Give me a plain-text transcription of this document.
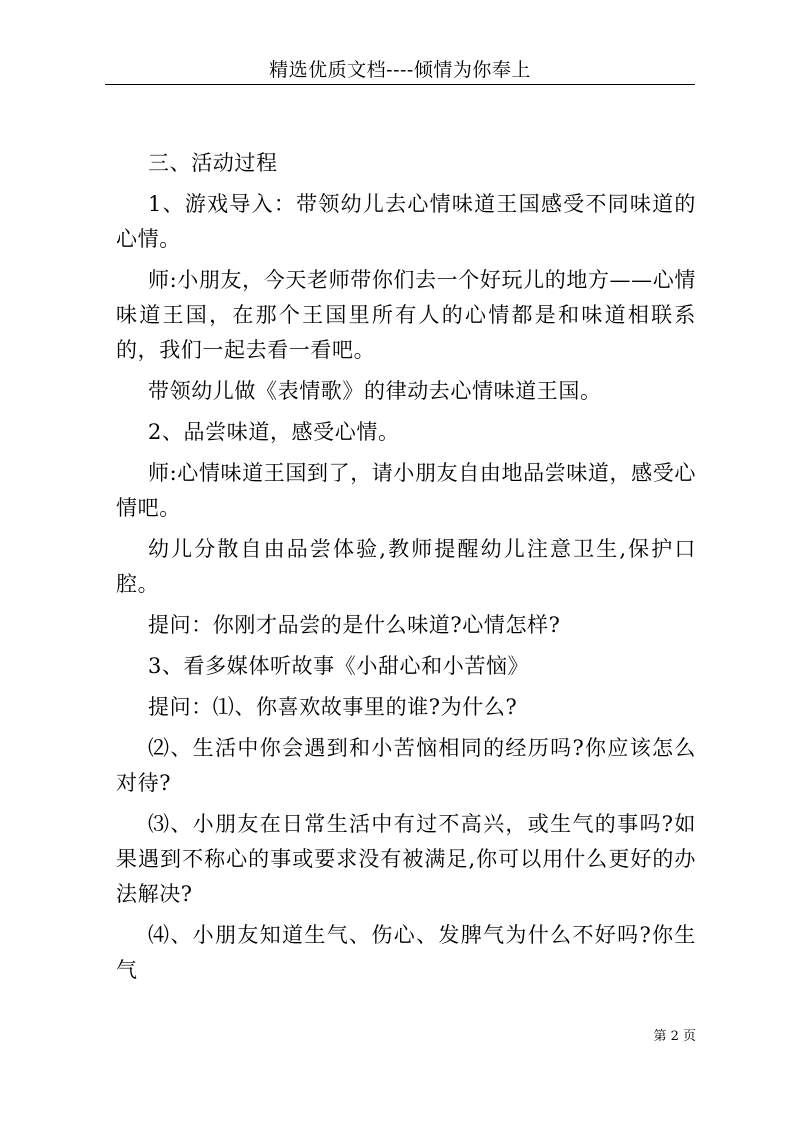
精选优质文档----倾情为你奉上

三、活动过程

1、游戏导入：带领幼儿去心情味道王国感受不同味道的心情。

师:小朋友，今天老师带你们去一个好玩儿的地方——心情味道王国，在那个王国里所有人的心情都是和味道相联系的，我们一起去看一看吧。

带领幼儿做《表情歌》的律动去心情味道王国。

2、品尝味道，感受心情。

师:心情味道王国到了，请小朋友自由地品尝味道，感受心情吧。

幼儿分散自由品尝体验,教师提醒幼儿注意卫生,保护口腔。

提问：你刚才品尝的是什么味道?心情怎样?

3、看多媒体听故事《小甜心和小苦恼》

提问：⑴、你喜欢故事里的谁?为什么?

⑵、生活中你会遇到和小苦恼相同的经历吗?你应该怎么对待?

⑶、小朋友在日常生活中有过不高兴，或生气的事吗?如果遇到不称心的事或要求没有被满足,你可以用什么更好的办法解决?

⑷、小朋友知道生气、伤心、发脾气为什么不好吗?你生气

第 2 页
